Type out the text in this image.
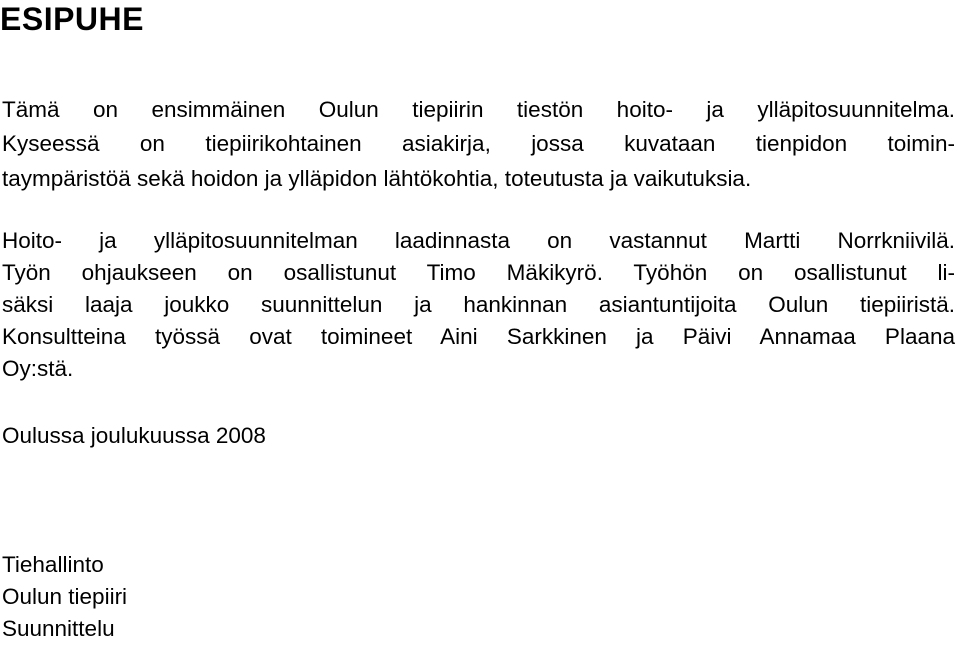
ESIPUHE

Tämä on ensimmäinen Oulun tiepiirin tiestön hoito- ja ylläpitosuunnitelma.

Kyseessä on tiepiirikohtainen asiakirja, jossa kuvataan tienpidon toimin-

taympäristöä sekä hoidon ja ylläpidon lähtökohtia, toteutusta ja vaikutuksia.

Hoito- ja ylläpitosuunnitelman laadinnasta on vastannut Martti Norrkniivilä.

Työn ohjaukseen on osallistunut Timo Mäkikyrö. Työhön on osallistunut li-

säksi laaja joukko suunnittelun ja hankinnan asiantuntijoita Oulun tiepiiristä.

Konsultteina työssä ovat toimineet Aini Sarkkinen ja Päivi Annamaa Plaana

Oy:stä.

Oulussa joulukuussa 2008

Tiehallinto

Oulun tiepiiri

Suunnittelu
